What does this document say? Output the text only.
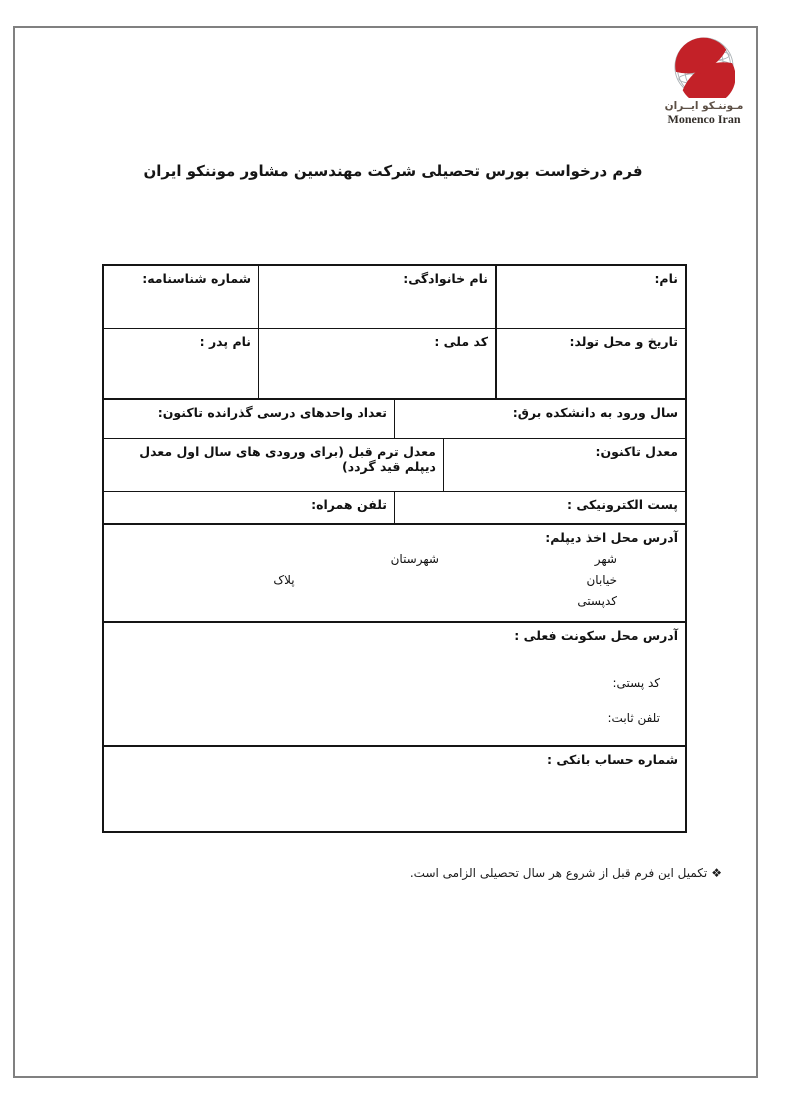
مـوننـکو ایــران
Monenco Iran
فرم درخواست بورس تحصیلی شرکت مهندسین مشاور موننکو ایران
نام:
نام خانوادگی:
شماره شناسنامه:
تاریخ و محل تولد:
کد ملی :
نام پدر :
سال ورود به دانشکده برق:
تعداد واحدهای درسی گذرانده تاکنون:
معدل تاکنون:
معدل ترم قبل (برای ورودی های سال اول معدل دیپلم قید گردد)
پست الکترونیکی :
تلفن همراه:
آدرس محل اخذ دیپلم:
شهر شهرستان
خیابان پلاک
کدپستی
آدرس محل سکونت فعلی :
کد پستی:
تلفن ثابت:
شماره حساب بانکی :
❖تکمیل این فرم قبل از شروع هر سال تحصیلی الزامی است.
